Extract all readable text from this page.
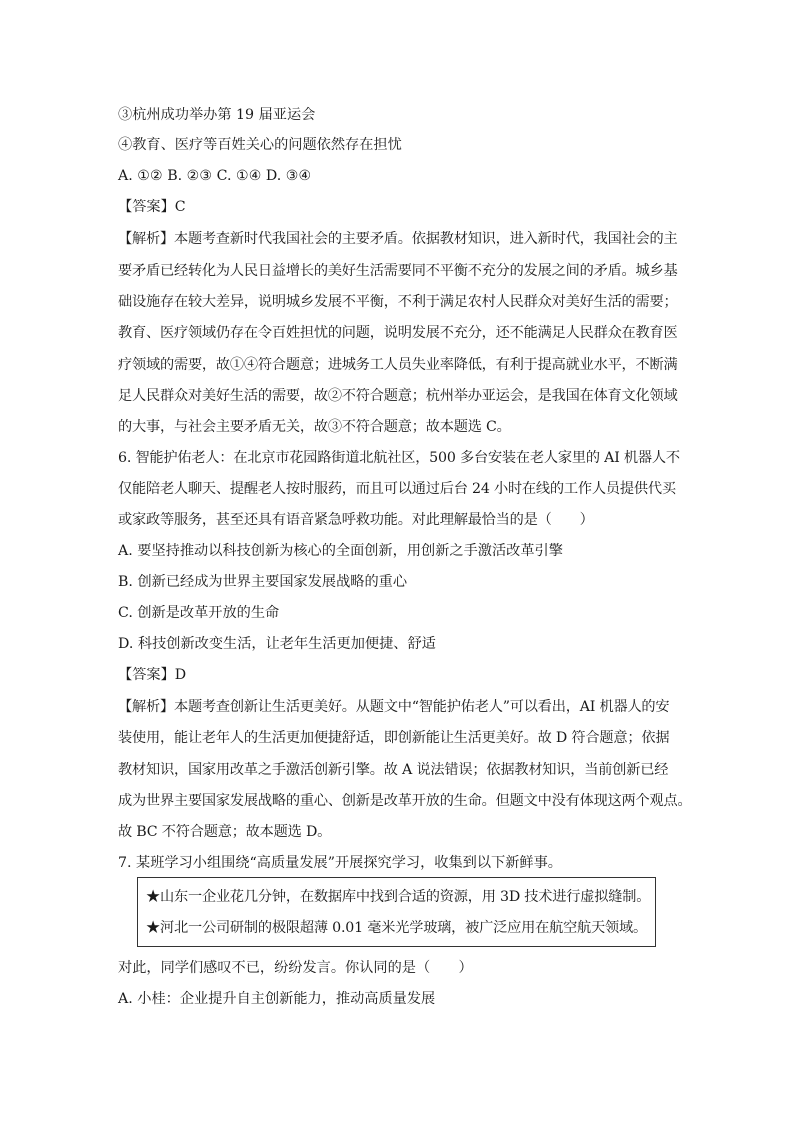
③杭州成功举办第 19 届亚运会
④教育、医疗等百姓关心的问题依然存在担忧
A. ①② B. ②③ C. ①④ D. ③④
【答案】C
【解析】本题考查新时代我国社会的主要矛盾。依据教材知识，进入新时代，我国社会的主
要矛盾已经转化为人民日益增长的美好生活需要同不平衡不充分的发展之间的矛盾。城乡基
础设施存在较大差异，说明城乡发展不平衡，不利于满足农村人民群众对美好生活的需要；
教育、医疗领域仍存在令百姓担忧的问题，说明发展不充分，还不能满足人民群众在教育医
疗领域的需要，故①④符合题意；进城务工人员失业率降低，有利于提高就业水平，不断满
足人民群众对美好生活的需要，故②不符合题意；杭州举办亚运会，是我国在体育文化领域
的大事，与社会主要矛盾无关，故③不符合题意；故本题选 C。
6. 智能护佑老人：在北京市花园路街道北航社区，500 多台安装在老人家里的 AI 机器人不
仅能陪老人聊天、提醒老人按时服药，而且可以通过后台 24 小时在线的工作人员提供代买
或家政等服务，甚至还具有语音紧急呼救功能。对此理解最恰当的是（　　）
A. 要坚持推动以科技创新为核心的全面创新，用创新之手激活改革引擎
B. 创新已经成为世界主要国家发展战略的重心
C. 创新是改革开放的生命
D. 科技创新改变生活，让老年生活更加便捷、舒适
【答案】D
【解析】本题考查创新让生活更美好。从题文中“智能护佑老人”可以看出，AI 机器人的安
装使用，能让老年人的生活更加便捷舒适，即创新能让生活更美好。故 D 符合题意；依据
教材知识，国家用改革之手激活创新引擎。故 A 说法错误；依据教材知识，当前创新已经
成为世界主要国家发展战略的重心、创新是改革开放的生命。但题文中没有体现这两个观点。
故 BC 不符合题意；故本题选 D。
7. 某班学习小组围绕“高质量发展”开展探究学习，收集到以下新鲜事。
★山东一企业花几分钟，在数据库中找到合适的资源，用 3D 技术进行虚拟缝制。
★河北一公司研制的极限超薄 0.01 毫米光学玻璃，被广泛应用在航空航天领域。
对此，同学们感叹不已，纷纷发言。你认同的是（　　）
A. 小桂：企业提升自主创新能力，推动高质量发展
